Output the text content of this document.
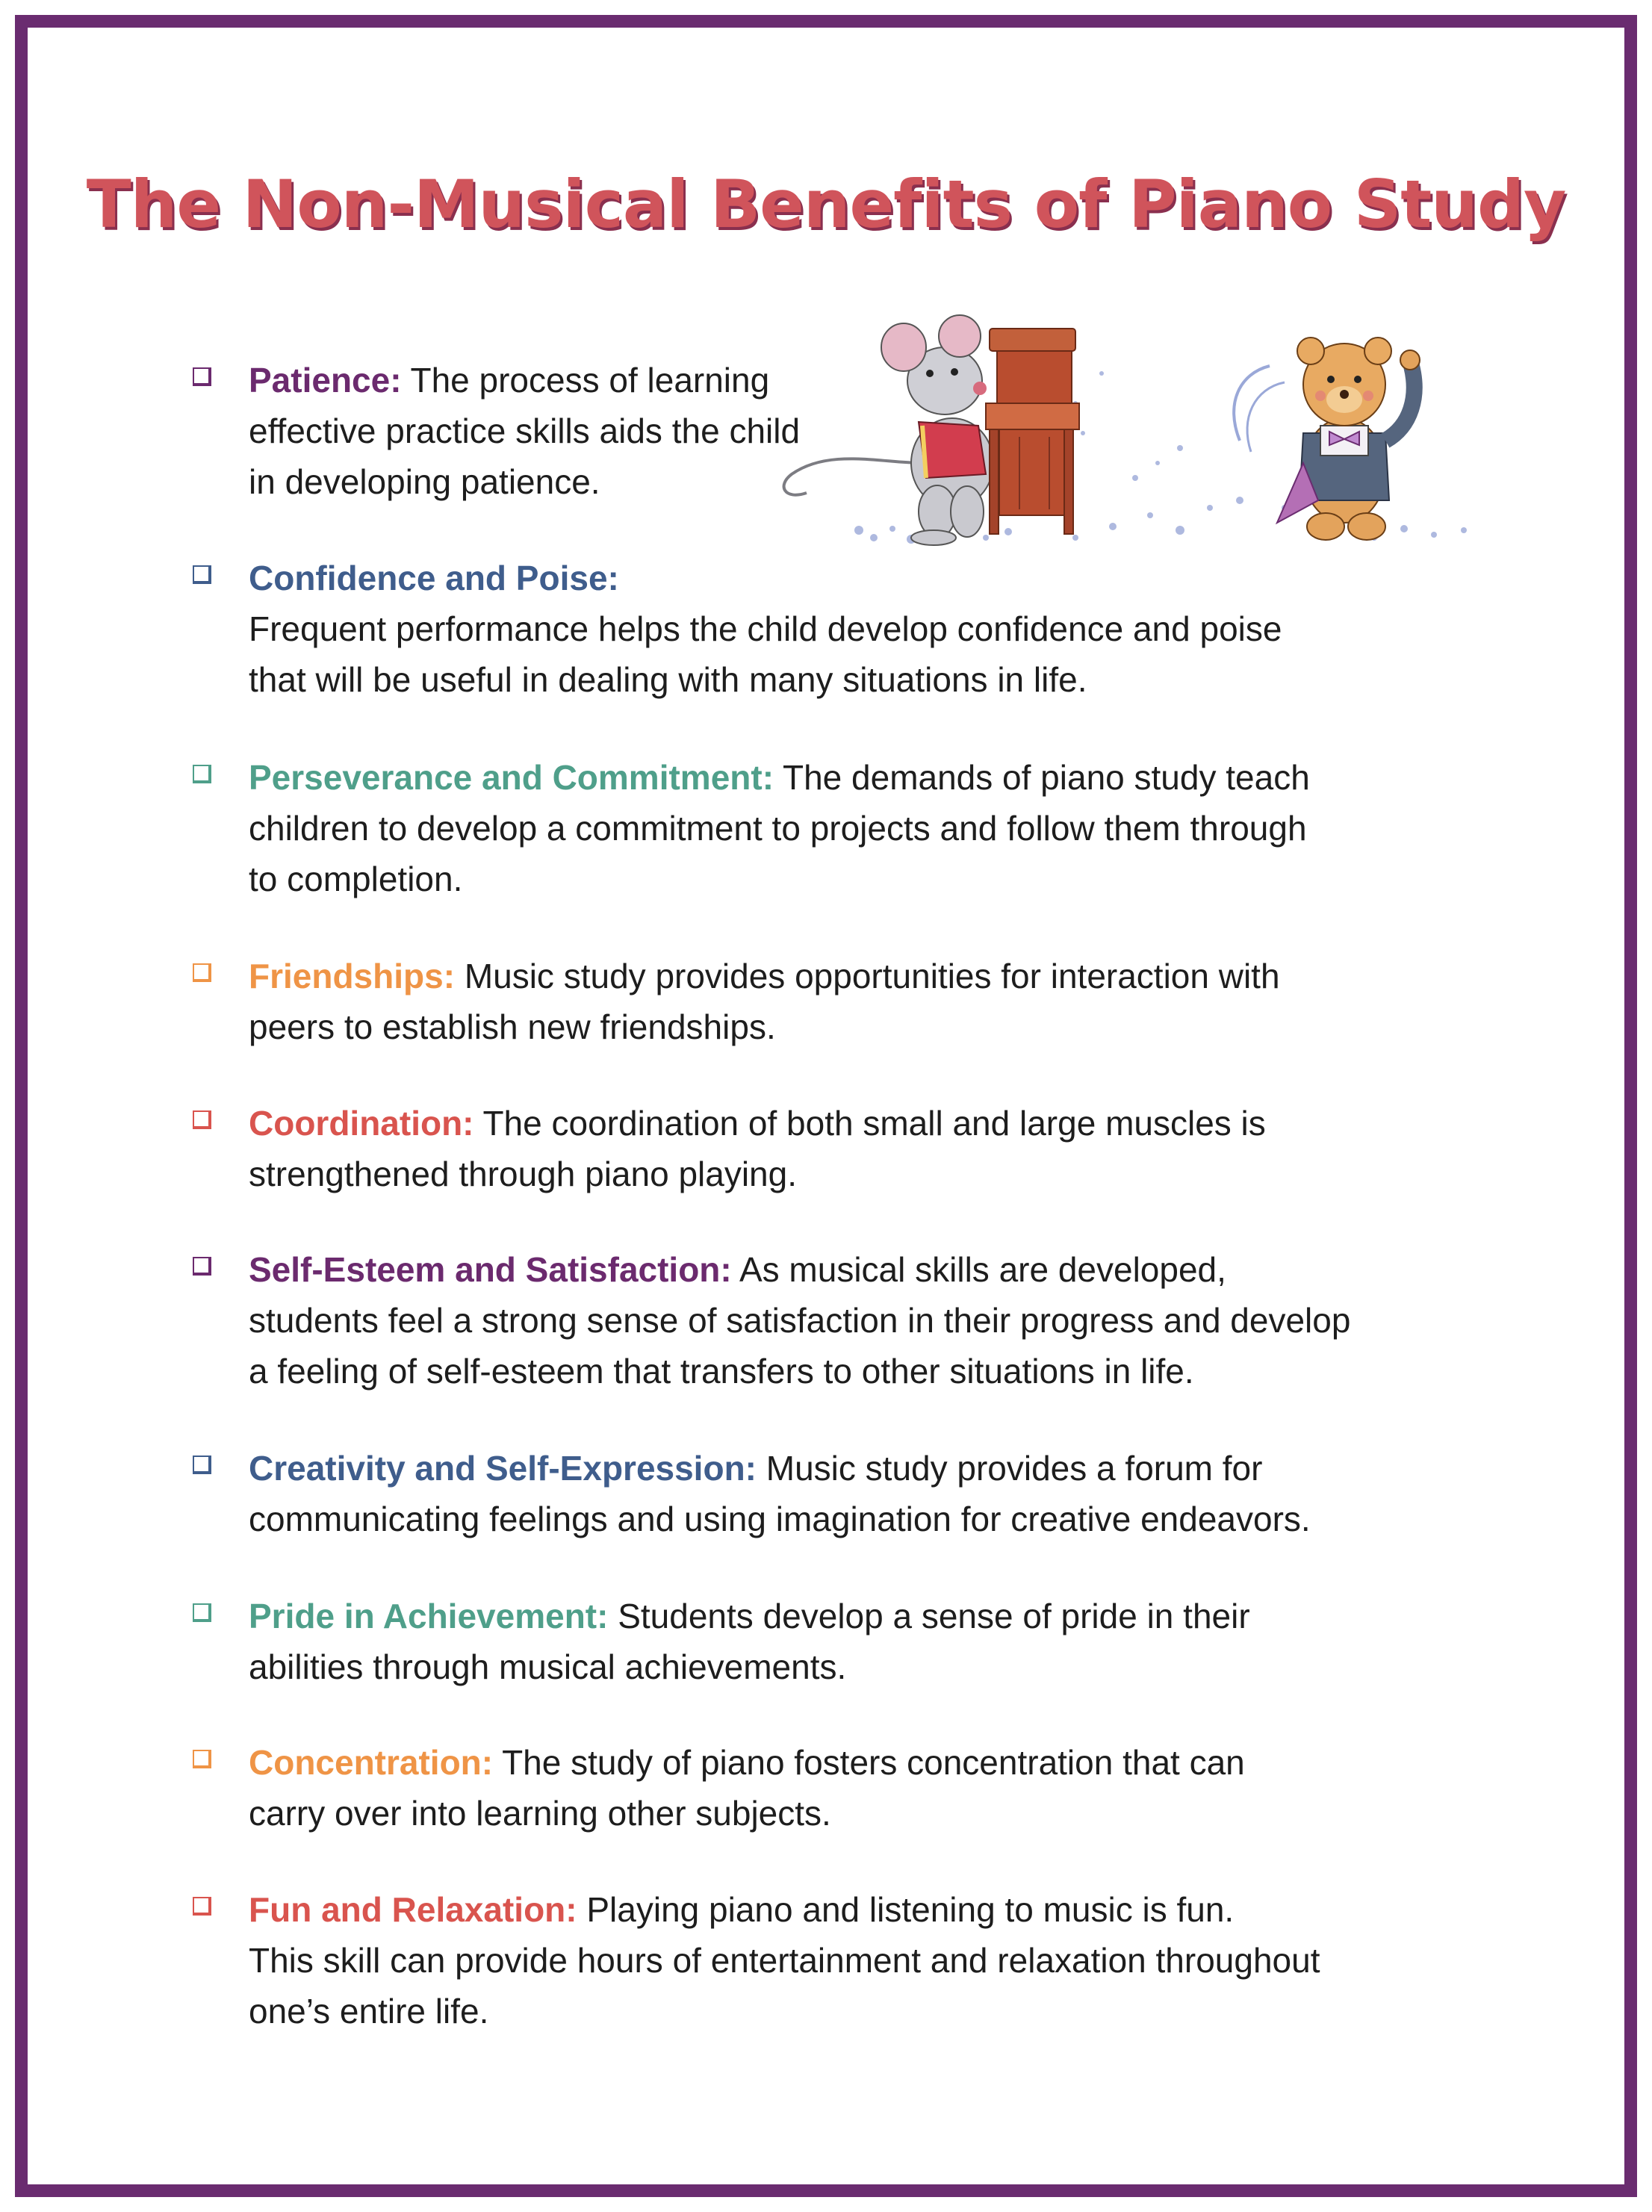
The Non-Musical Benefits of Piano Study
Patience: The process of learning
effective practice skills aids the child
in developing patience.
Confidence and Poise:
Frequent performance helps the child develop confidence and poise
that will be useful in dealing with many situations in life.
Perseverance and Commitment: The demands of piano study teach
children to develop a commitment to projects and follow them through
to completion.
Friendships: Music study provides opportunities for interaction with
peers to establish new friendships.
Coordination: The coordination of both small and large muscles is
strengthened through piano playing.
Self-Esteem and Satisfaction: As musical skills are developed,
students feel a strong sense of satisfaction in their progress and develop
a feeling of self-esteem that transfers to other situations in life.
Creativity and Self-Expression: Music study provides a forum for
communicating feelings and using imagination for creative endeavors.
Pride in Achievement: Students develop a sense of pride in their
abilities through musical achievements.
Concentration: The study of piano fosters concentration that can
carry over into learning other subjects.
Fun and Relaxation: Playing piano and listening to music is fun.
This skill can provide hours of entertainment and relaxation throughout
one’s entire life.
